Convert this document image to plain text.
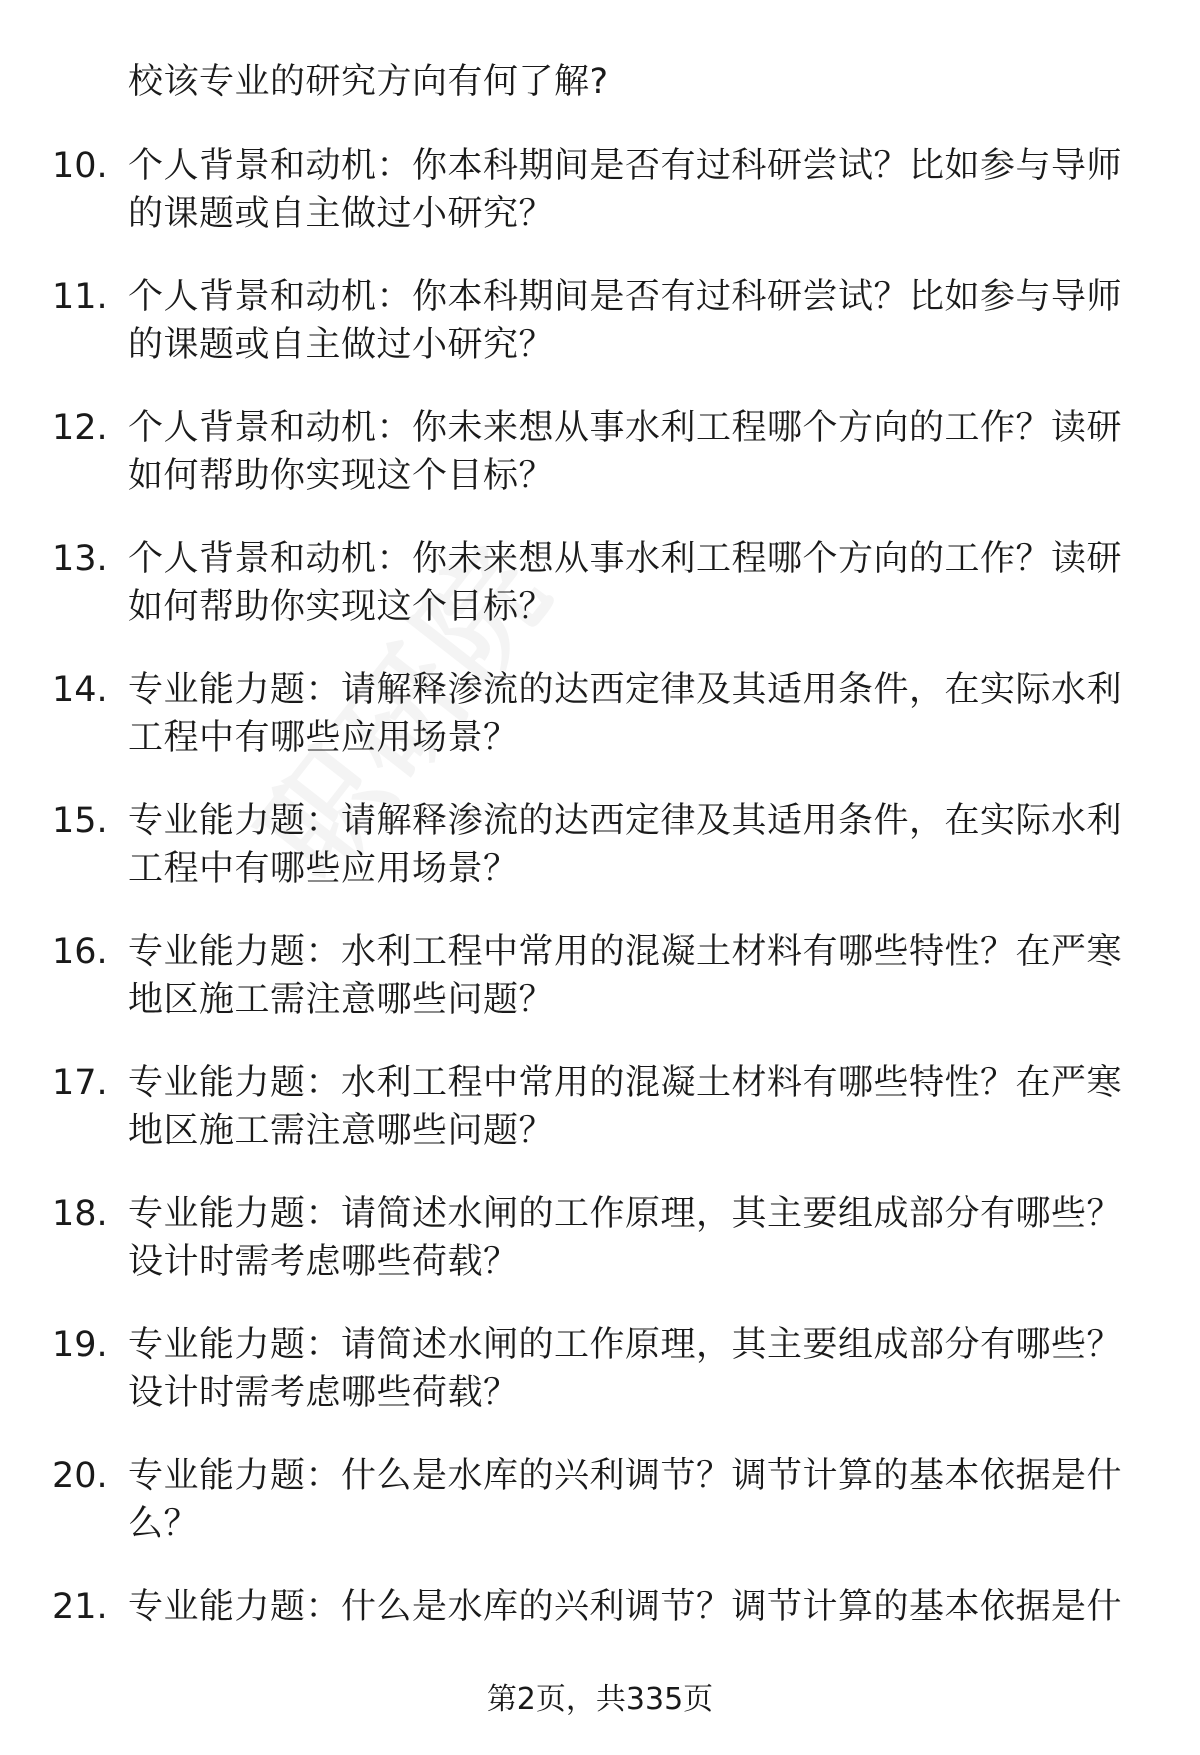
校该专业的研究方向有何了解?
10. 个人背景和动机：你本科期间是否有过科研尝试？比如参与导师的课题或自主做过小研究？
11. 个人背景和动机：你本科期间是否有过科研尝试？比如参与导师的课题或自主做过小研究？
12. 个人背景和动机：你未来想从事水利工程哪个方向的工作？读研如何帮助你实现这个目标？
13. 个人背景和动机：你未来想从事水利工程哪个方向的工作？读研如何帮助你实现这个目标？
14. 专业能力题：请解释渗流的达西定律及其适用条件，在实际水利工程中有哪些应用场景？
15. 专业能力题：请解释渗流的达西定律及其适用条件，在实际水利工程中有哪些应用场景？
16. 专业能力题：水利工程中常用的混凝土材料有哪些特性？在严寒地区施工需注意哪些问题？
17. 专业能力题：水利工程中常用的混凝土材料有哪些特性？在严寒地区施工需注意哪些问题？
18. 专业能力题：请简述水闸的工作原理，其主要组成部分有哪些？设计时需考虑哪些荷载？
19. 专业能力题：请简述水闸的工作原理，其主要组成部分有哪些？设计时需考虑哪些荷载？
20. 专业能力题：什么是水库的兴利调节？调节计算的基本依据是什么？
21. 专业能力题：什么是水库的兴利调节？调节计算的基本依据是什
第2页，共335页
